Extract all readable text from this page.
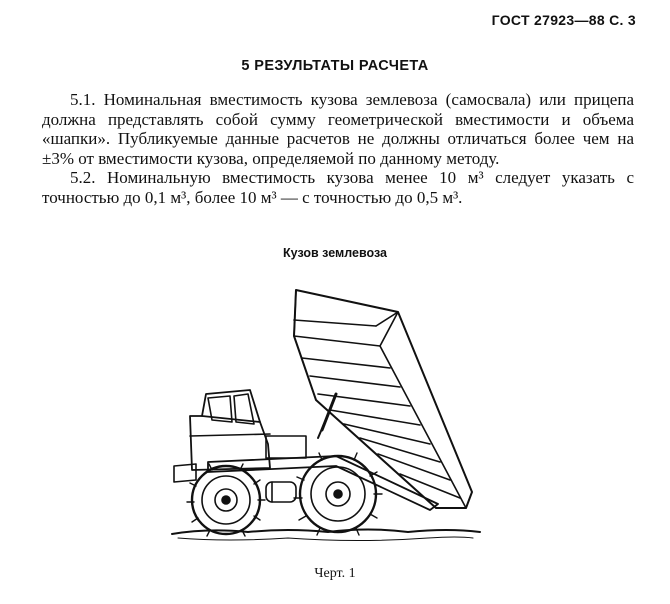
ГОСТ 27923—88 С. 3
5 РЕЗУЛЬТАТЫ РАСЧЕТА

5.1. Номинальная вместимость кузова землевоза (самосвала) или прицепа должна представлять собой сумму геометрической вместимости и объема «шапки». Публикуемые данные расчетов не должны отличаться более чем на ±3% от вместимости кузова, определяемой по данному методу.

5.2. Номинальную вместимость кузова менее 10 м³ следует указать с точностью до 0,1 м³, более 10 м³ — с точностью до 0,5 м³.

Кузов землевоза
Черт. 1
